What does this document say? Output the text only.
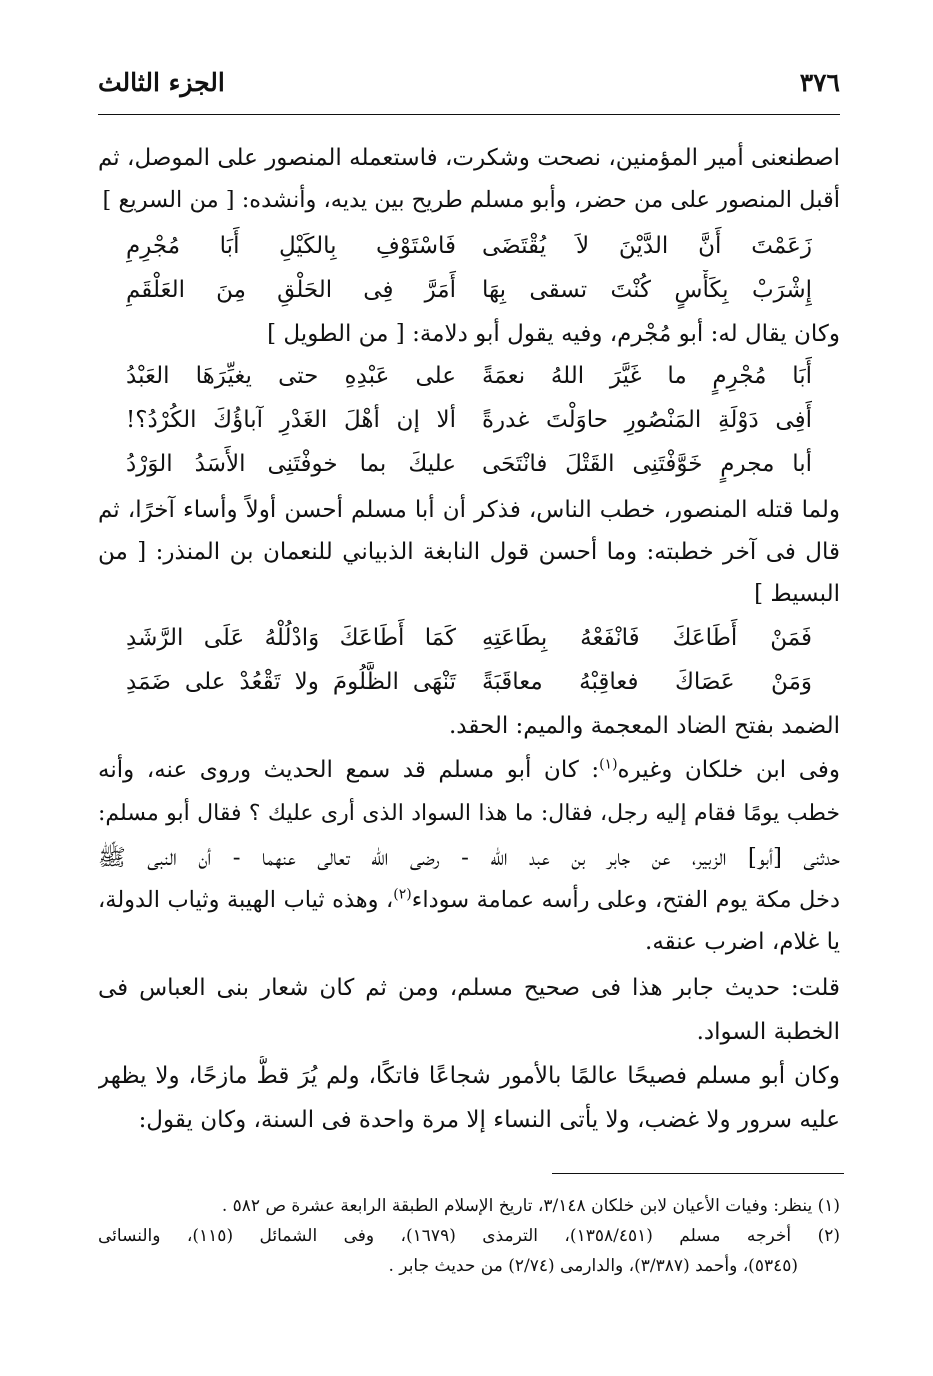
٣٧٦
الجزء الثالث
اصطنعنى أمير المؤمنين، نصحت وشكرت، فاستعمله المنصور على الموصل، ثم
أقبل المنصور على من حضر، وأبو مسلم طريح بين يديه، وأنشده: [ من السريع ]
زَعَمْتَ أَنَّ الدَّيْنَ لاَ يُقْتَضَى
فَاسْتَوْفِ بِالكَيْلِ أَبَا مُجْرِمِ
إِشْرَبْ بِكَأْسٍ كُنْتَ تسقى بِهَا
أَمَرَّ فِى الحَلْقِ مِنَ العَلْقَمِ
وكان يقال له: أبو مُجْرم، وفيه يقول أبو دلامة: [ من الطويل ]
أَبَا مُجْرِمٍ ما غَيَّرَ اللهُ نعمَةً
على عَبْدِهِ حتى يغيِّرَهَا العَبْدُ
أَفِى دَوْلَةِ المَنْصُورِ حاوَلْتَ غدرةً
ألا إن أهْلَ الغَدْرِ آباؤُكَ الكُرْدُ؟!
أبا مجرمٍ خَوَّفْتَنِى القَتْلَ فانْتَحَى
عليكَ بما خوفْتَنِى الأَسَدُ الوَرْدُ
ولما قتله المنصور، خطب الناس، فذكر أن أبا مسلم أحسن أولاً وأساء آخرًا، ثم
قال فى آخر خطبته: وما أحسن قول النابغة الذبياني للنعمان بن المنذر: [ من
البسيط ]
فَمَنْ أَطَاعَكَ فَانْفَعْهُ بِطَاعَتِهِ
كَمَا أَطَاعَكَ وَادْلُلْهُ عَلَى الرَّشَدِ
وَمَنْ عَصَاكَ فعاقِبْهُ معاقَبَةً
تَنْهَى الظَّلُومَ ولا تَقْعُدْ على ضَمَدِ
الضمد بفتح الضاد المعجمة والميم: الحقد.
وفى ابن خلكان وغيره$^{(١)}$: كان أبو مسلم قد سمع الحديث وروى عنه، وأنه
خطب يومًا فقام إليه رجل، فقال: ما هذا السواد الذى أرى عليك ؟ فقال أبو مسلم:
حدثنى [أبو] الزبير، عن جابر بن عبد الله - رضى الله تعالى عنهما - أن النبى ﷺ
دخل مكة يوم الفتح، وعلى رأسه عمامة سوداء$^{(٢)}$، وهذه ثياب الهيبة وثياب الدولة،
يا غلام، اضرب عنقه.
قلت: حديث جابر هذا فى صحيح مسلم، ومن ثم كان شعار بنى العباس فى
الخطبة السواد.
وكان أبو مسلم فصيحًا عالمًا بالأمور شجاعًا فاتكًا، ولم يُرَ قطُّ مازحًا، ولا يظهر
عليه سرور ولا غضب، ولا يأتى النساء إلا مرة واحدة فى السنة، وكان يقول:
(١) ينظر: وفيات الأعيان لابن خلكان ٣/١٤٨، تاريخ الإسلام الطبقة الرابعة عشرة ص ٥٨٢ .
(٢) أخرجه مسلم (١٣٥٨/٤٥١)، الترمذى (١٦٧٩)، وفى الشمائل (١١٥)، والنسائى
(٥٣٤٥)، وأحمد (٣/٣٨٧)، والدارمى (٢/٧٤) من حديث جابر .
